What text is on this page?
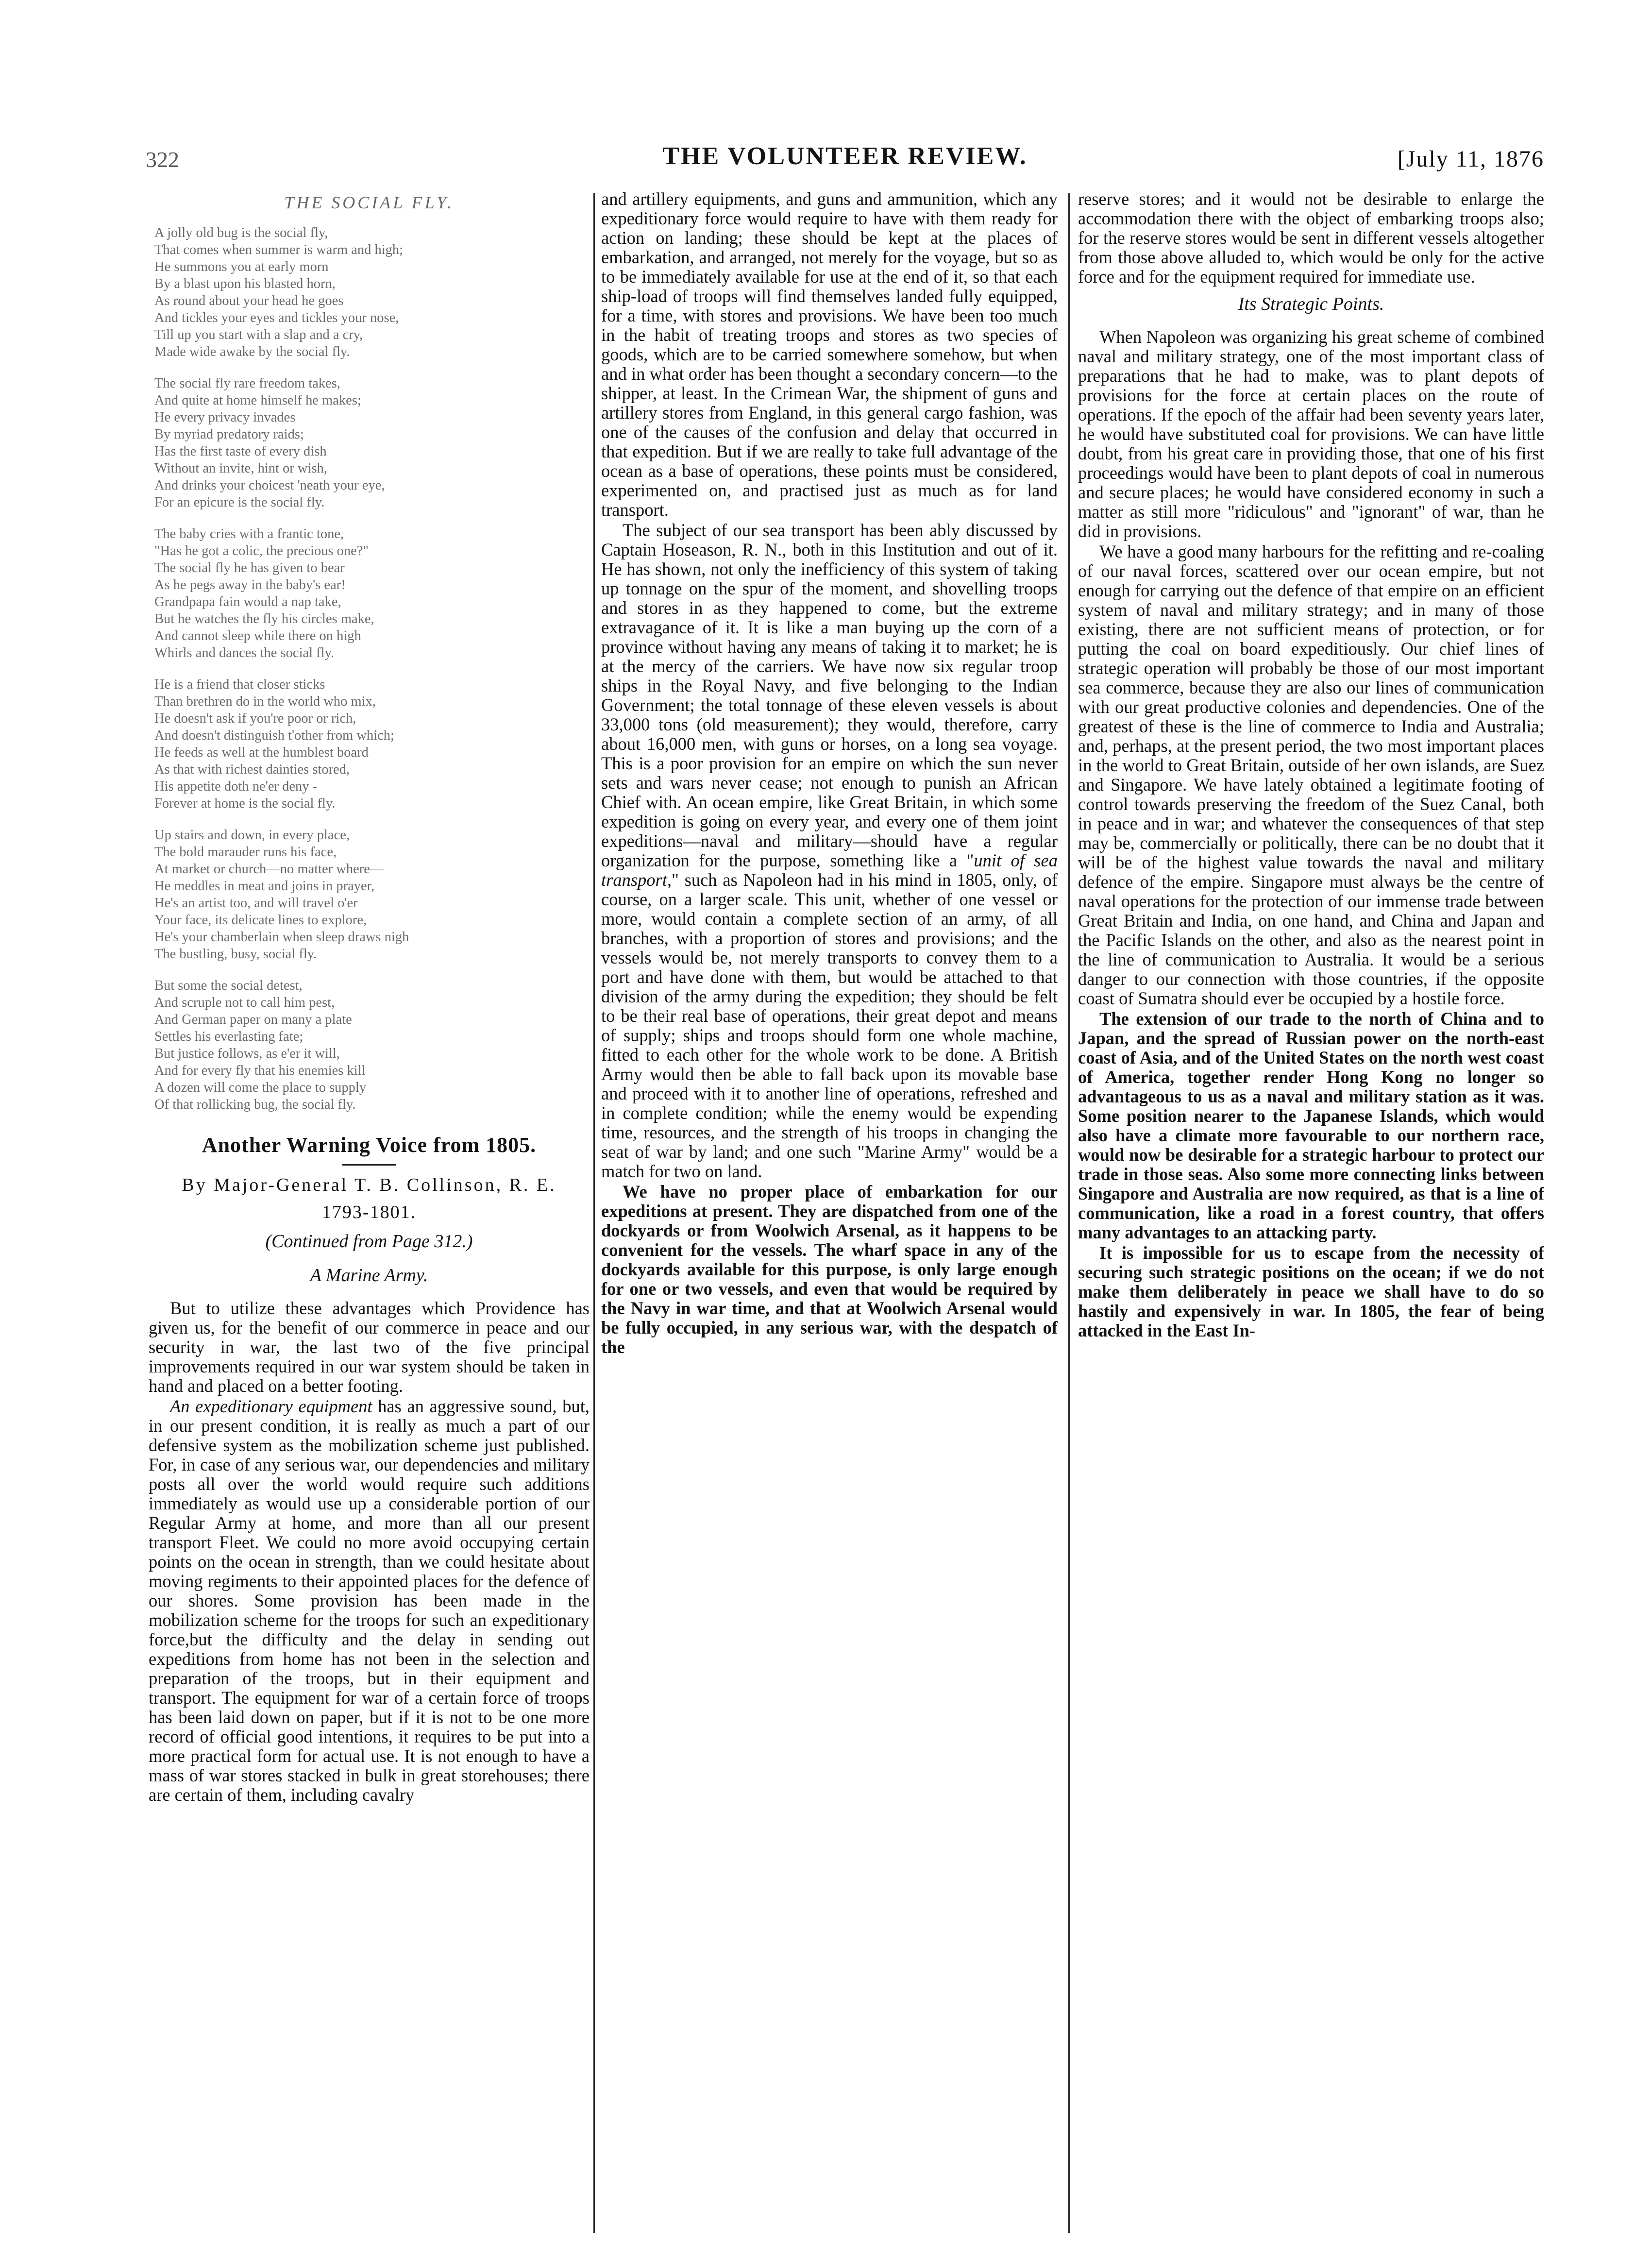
322	THE VOLUNTEER REVIEW.	[July 11, 1876
THE SOCIAL FLY.
A jolly old bug is the social fly,
That comes when summer is warm and high;
He summons you at early morn
By a blast upon his blasted horn,
As round about your head he goes
And tickles your eyes and tickles your nose,
Till up you start with a slap and a cry,
Made wide awake by the social fly.
The social fly rare freedom takes,
And quite at home himself he makes;
He every privacy invades
By myriad predatory raids;
Has the first taste of every dish
Without an invite, hint or wish,
And drinks your choicest 'neath your eye,
For an epicure is the social fly.
The baby cries with a frantic tone,
"Has he got a colic, the precious one?"
The social fly he has given to bear
As he pegs away in the baby's ear!
Grandpapa fain would a nap take,
But he watches the fly his circles make,
And cannot sleep while there on high
Whirls and dances the social fly.
He is a friend that closer sticks
Than brethren do in the world who mix,
He doesn't ask if you're poor or rich,
And doesn't distinguish t'other from which;
He feeds as well at the humblest board
As that with richest dainties stored,
His appetite doth ne'er deny -
Forever at home is the social fly.
Up stairs and down, in every place,
The bold marauder runs his face,
At market or church—no matter where—
He meddles in meat and joins in prayer,
He's an artist too, and will travel o'er
Your face, its delicate lines to explore,
He's your chamberlain when sleep draws nigh
The bustling, busy, social fly.
But some the social detest,
And scruple not to call him pest,
And German paper on many a plate
Settles his everlasting fate;
But justice follows, as e'er it will,
And for every fly that his enemies kill
A dozen will come the place to supply
Of that rollicking bug, the social fly.
Another Warning Voice from 1805.
By Major-General T. B. Collinson, R. E.
1793-1801.
(Continued from Page 312.)
A Marine Army.

But to utilize these advantages which Providence has given us, for the benefit of our commerce in peace and our security in war, the last two of the five principal improvements required in our war system should be taken in hand and placed on a better footing.

An expeditionary equipment has an aggressive sound, but, in our present condition, it is really as much a part of our defensive system as the mobilization scheme just published. For, in case of any serious war, our dependencies and military posts all over the world would require such additions immediately as would use up a considerable portion of our Regular Army at home, and more than all our present transport Fleet. We could no more avoid occupying certain points on the ocean in strength, than we could hesitate about moving regiments to their appointed places for the defence of our shores. Some provision has been made in the mobilization scheme for the troops for such an expeditionary force,but the difficulty and the delay in sending out expeditions from home has not been in the selection and preparation of the troops, but in their equipment and transport. The equipment for war of a certain force of troops has been laid down on paper, but if it is not to be one more record of official good intentions, it requires to be put into a more practical form for actual use. It is not enough to have a mass of war stores stacked in bulk in great storehouses; there are certain of them, including cavalry

and artillery equipments, and guns and ammunition, which any expeditionary force would require to have with them ready for action on landing; these should be kept at the places of embarkation, and arranged, not merely for the voyage, but so as to be immediately available for use at the end of it, so that each ship-load of troops will find themselves landed fully equipped, for a time, with stores and provisions. We have been too much in the habit of treating troops and stores as two species of goods, which are to be carried somewhere somehow, but when and in what order has been thought a secondary concern—to the shipper, at least. In the Crimean War, the shipment of guns and artillery stores from England, in this general cargo fashion, was one of the causes of the confusion and delay that occurred in that expedition. But if we are really to take full advantage of the ocean as a base of operations, these points must be considered, experimented on, and practised just as much as for land transport.

The subject of our sea transport has been ably discussed by Captain Hoseason, R. N., both in this Institution and out of it. He has shown, not only the inefficiency of this system of taking up tonnage on the spur of the moment, and shovelling troops and stores in as they happened to come, but the extreme extravagance of it. It is like a man buying up the corn of a province without having any means of taking it to market; he is at the mercy of the carriers. We have now six regular troop ships in the Royal Navy, and five belonging to the Indian Government; the total tonnage of these eleven vessels is about 33,000 tons (old measurement); they would, therefore, carry about 16,000 men, with guns or horses, on a long sea voyage. This is a poor provision for an empire on which the sun never sets and wars never cease; not enough to punish an African Chief with. An ocean empire, like Great Britain, in which some expedition is going on every year, and every one of them joint expeditions—naval and military—should have a regular organization for the purpose, something like a "unit of sea transport," such as Napoleon had in his mind in 1805, only, of course, on a larger scale. This unit, whether of one vessel or more, would contain a complete section of an army, of all branches, with a proportion of stores and provisions; and the vessels would be, not merely transports to convey them to a port and have done with them, but would be attached to that division of the army during the expedition; they should be felt to be their real base of operations, their great depot and means of supply; ships and troops should form one whole machine, fitted to each other for the whole work to be done. A British Army would then be able to fall back upon its movable base and proceed with it to another line of operations, refreshed and in complete condition; while the enemy would be expending time, resources, and the strength of his troops in changing the seat of war by land; and one such "Marine Army" would be a match for two on land.

We have no proper place of embarkation for our expeditions at present. They are dispatched from one of the dockyards or from Woolwich Arsenal, as it happens to be convenient for the vessels. The wharf space in any of the dockyards available for this purpose, is only large enough for one or two vessels, and even that would be required by the Navy in war time, and that at Woolwich Arsenal would be fully occupied, in any serious war, with the despatch of the

reserve stores; and it would not be desirable to enlarge the accommodation there with the object of embarking troops also; for the reserve stores would be sent in different vessels altogether from those above alluded to, which would be only for the active force and for the equipment required for immediate use.

Its Strategic Points.

When Napoleon was organizing his great scheme of combined naval and military strategy, one of the most important class of preparations that he had to make, was to plant depots of provisions for the force at certain places on the route of operations. If the epoch of the affair had been seventy years later, he would have substituted coal for provisions. We can have little doubt, from his great care in providing those, that one of his first proceedings would have been to plant depots of coal in numerous and secure places; he would have considered economy in such a matter as still more "ridiculous" and "ignorant" of war, than he did in provisions.

We have a good many harbours for the refitting and re-coaling of our naval forces, scattered over our ocean empire, but not enough for carrying out the defence of that empire on an efficient system of naval and military strategy; and in many of those existing, there are not sufficient means of protection, or for putting the coal on board expeditiously. Our chief lines of strategic operation will probably be those of our most important sea commerce, because they are also our lines of communication with our great productive colonies and dependencies. One of the greatest of these is the line of commerce to India and Australia; and, perhaps, at the present period, the two most important places in the world to Great Britain, outside of her own islands, are Suez and Singapore. We have lately obtained a legitimate footing of control towards preserving the freedom of the Suez Canal, both in peace and in war; and whatever the consequences of that step may be, commercially or politically, there can be no doubt that it will be of the highest value towards the naval and military defence of the empire. Singapore must always be the centre of naval operations for the protection of our immense trade between Great Britain and India, on one hand, and China and Japan and the Pacific Islands on the other, and also as the nearest point in the line of communication to Australia. It would be a serious danger to our connection with those countries, if the opposite coast of Sumatra should ever be occupied by a hostile force.

The extension of our trade to the north of China and to Japan, and the spread of Russian power on the north-east coast of Asia, and of the United States on the north west coast of America, together render Hong Kong no longer so advantageous to us as a naval and military station as it was. Some position nearer to the Japanese Islands, which would also have a climate more favourable to our northern race, would now be desirable for a strategic harbour to protect our trade in those seas. Also some more connecting links between Singapore and Australia are now required, as that is a line of communication, like a road in a forest country, that offers many advantages to an attacking party.

It is impossible for us to escape from the necessity of securing such strategic positions on the ocean; if we do not make them deliberately in peace we shall have to do so hastily and expensively in war. In 1805, the fear of being attacked in the East In-
